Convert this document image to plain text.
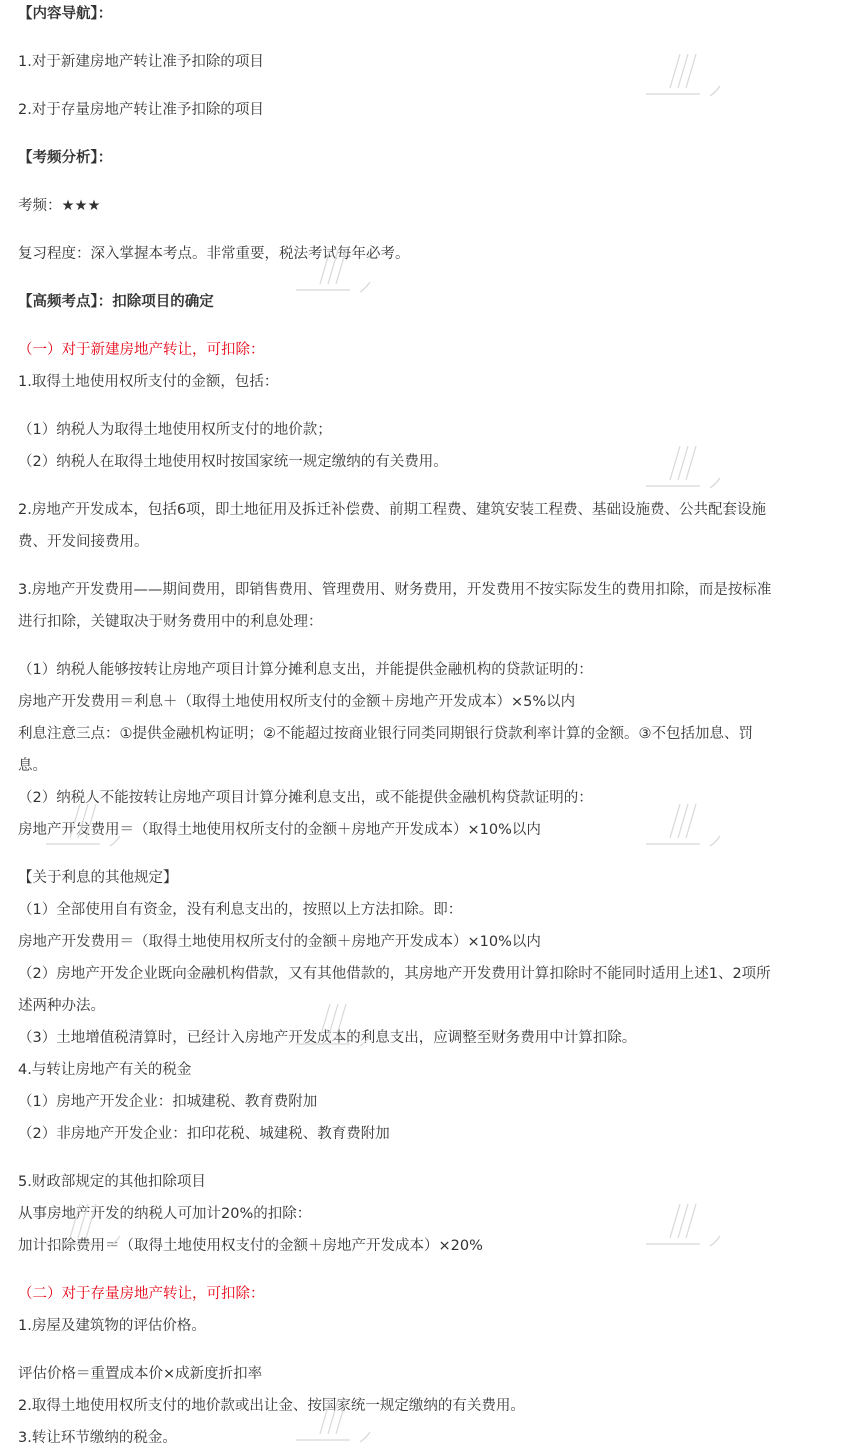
【内容导航】：
1.对于新建房地产转让准予扣除的项目
2.对于存量房地产转让准予扣除的项目
【考频分析】：
考频：★★★
复习程度：深入掌握本考点。非常重要，税法考试每年必考。
【高频考点】：扣除项目的确定
（一）对于新建房地产转让，可扣除：
1.取得土地使用权所支付的金额，包括：
（1）纳税人为取得土地使用权所支付的地价款；
（2）纳税人在取得土地使用权时按国家统一规定缴纳的有关费用。
2.房地产开发成本，包括6项，即土地征用及拆迁补偿费、前期工程费、建筑安装工程费、基础设施费、公共配套设施
费、开发间接费用。
3.房地产开发费用——期间费用，即销售费用、管理费用、财务费用，开发费用不按实际发生的费用扣除，而是按标准
进行扣除，关键取决于财务费用中的利息处理：
（1）纳税人能够按转让房地产项目计算分摊利息支出，并能提供金融机构的贷款证明的：
房地产开发费用＝利息＋（取得土地使用权所支付的金额＋房地产开发成本）×5%以内
利息注意三点：①提供金融机构证明；②不能超过按商业银行同类同期银行贷款利率计算的金额。③不包括加息、罚
息。
（2）纳税人不能按转让房地产项目计算分摊利息支出，或不能提供金融机构贷款证明的：
房地产开发费用＝（取得土地使用权所支付的金额＋房地产开发成本）×10%以内
【关于利息的其他规定】
（1）全部使用自有资金，没有利息支出的，按照以上方法扣除。即：
房地产开发费用＝（取得土地使用权所支付的金额＋房地产开发成本）×10%以内
（2）房地产开发企业既向金融机构借款，又有其他借款的，其房地产开发费用计算扣除时不能同时适用上述1、2项所
述两种办法。
（3）土地增值税清算时，已经计入房地产开发成本的利息支出，应调整至财务费用中计算扣除。
4.与转让房地产有关的税金
（1）房地产开发企业：扣城建税、教育费附加
（2）非房地产开发企业：扣印花税、城建税、教育费附加
5.财政部规定的其他扣除项目
从事房地产开发的纳税人可加计20%的扣除：
加计扣除费用＝（取得土地使用权支付的金额＋房地产开发成本）×20%
（二）对于存量房地产转让，可扣除：
1.房屋及建筑物的评估价格。
评估价格＝重置成本价×成新度折扣率
2.取得土地使用权所支付的地价款或出让金、按国家统一规定缴纳的有关费用。
3.转让环节缴纳的税金。
